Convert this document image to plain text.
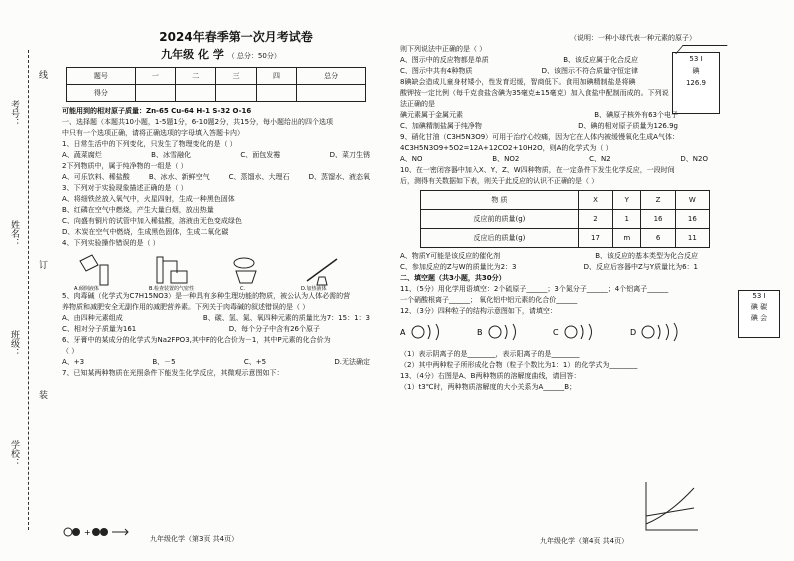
考号：
姓名：
班级：
学校：
线
订
装
2024年春季第一次月考试卷
九年级 化 学 （ 总分：50分）
题号	一	二	三	四	总分
得分					
可能用到的相对原子质量：Zn-65 Cu-64 H-1 S-32 O-16
一、选择题（本题共10小题，1-5题1分，6-10题2分，共15分，每小题给出的四个选项
中只有一个选项正确，请将正确选项的字母填入答题卡内）
1、日常生活中的下列变化，只发生了物理变化的是（ ）
A、蔬菜腐烂	B、冰雪融化	C、面包发霉	D、菜刀生锈
2下列物质中，属于纯净物的一组是（ ）
A、可乐饮料、稀盐酸	B、冰水、新鲜空气	C、蒸馏水、大理石	D、蒸馏水、液态氧
3、下列对于实验现象描述正确的是（ ）
A、将细铁丝放入氧气中，火星四射，生成一种黑色固体
B、红磷在空气中燃烧，产生大量白烟，放出热量
C、向盛有铜片的试管中加入稀盐酸，溶液由无色变成绿色
D、木炭在空气中燃烧，生成黑色固体，生成二氧化碳
4、下列实验操作错误的是（ ）
A.倾倒液体	B.检查装置的气密性	C.	D.加热液体
5、肉毒碱（化学式为C7H15NO3）是一种具有多种生理功能的物质，被公认为人体必需的营
养物质和减肥安全无副作用的减肥营养素。下列关于肉毒碱的叙述错误的是（ ）
A、由四种元素组成	B、碳、氢、氮、氧四种元素的质量比为7：15：1：3
C、相对分子质量为161	D、每个分子中含有26个原子
6、牙膏中的某成分的化学式为Na2FPO3,其中F的化合价为－1，其中P元素的化合价为
（ ）
A、+3	B、－5	C、+5	D.无法确定
7、已知某两种物质在光照条件下能发生化学反应，其微观示意图如下：
+
九年级化学（第3页 共4页）
（说明：一种小球代表一种元素的原子）
53 I
碘
126.9
则下列说法中正确的是（ ）
A、图示中的反应物都是单质	B、该反应属于化合反应
C、图示中共有4种物质	D、该图示不符合质量守恒定律
8碘缺会造成儿童身材矮小，性发育迟缓，智商低下。食用加碘精制盐是将碘
酸钾按一定比例（每千克食盐含碘为35毫克±15毫克）加入食盐中配制而成的。下列说
法正确的是
碘元素属于金属元素	B、碘原子核外有63个电子
C、加碘精制盐属于纯净物	D、碘的相对原子质量为126.9g
9、硝化甘油（C3H5N3O9）可用于治疗心绞痛，因为它在人体内被缓慢氧化生成A气体：
4C3H5N3O9+5O2=12A+12CO2+10H2O，则A的化学式为（ ）
A、NO	B、NO2	C、N2	D、N2O
10、在一密闭容器中加入X、Y、Z、W四种物质，在一定条件下发生化学反应，一段时间
后，测得有关数据如下表，则关于此反应的认识不正确的是（ ）
物 质	X	Y	Z	W
反应前的质量(g)	2	1	16	16
反应后的质量(g)	17	m	6	11
A、物质Y可能是该反应的催化剂	B、该反应的基本类型为化合反应
C、参加反应的Z与W的质量比为2：3	D、反应后容器中Z与Y质量比为6：1
二、填空题（共3小题，共30分）
11、（5分）用化学用语填空：2个硫原子______；3个氮分子______；4个铝离子______
一个硝酸根离子______； 氧化铝中铝元素的化合价______
12、（3分）四种粒子的结构示意图如下，请填空：
A	B	C	D
（1）表示阴离子的是________，表示阳离子的是________
（2）其中两种粒子所形成化合物（粒子个数比为1：1）的化学式为________
13、（4分）右图是A、B两种物质的溶解度曲线，请回答：
（1）t3℃时，两种物质溶解度的大小关系为A______B；
九年级化学（第4页 共4页）
53 I
碘 碳
碘 会
